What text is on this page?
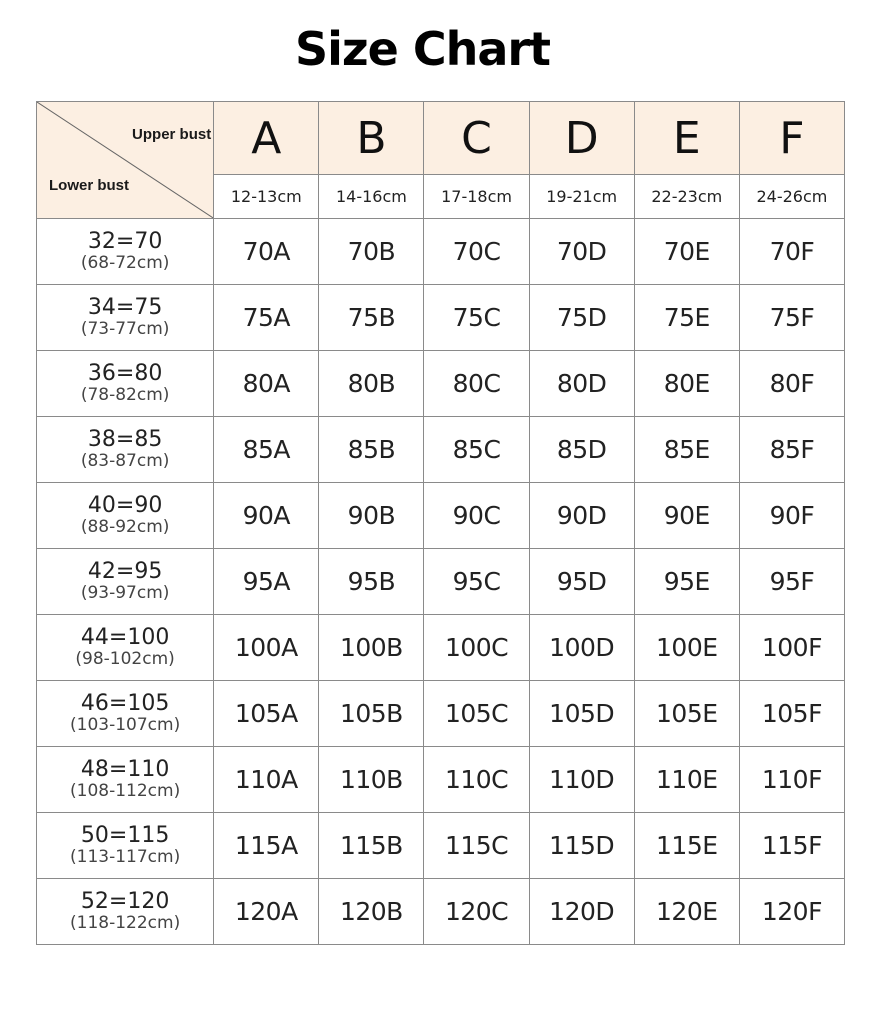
Size Chart
Upper bust
Lower bust	A	B	C	D	E	F
	12-13cm	14-16cm	17-18cm	19-21cm	22-23cm	24-26cm

32=70
(68-72cm)	70A	70B	70C	70D	70E	70F

34=75
(73-77cm)	75A	75B	75C	75D	75E	75F

36=80
(78-82cm)	80A	80B	80C	80D	80E	80F

38=85
(83-87cm)	85A	85B	85C	85D	85E	85F

40=90
(88-92cm)	90A	90B	90C	90D	90E	90F

42=95
(93-97cm)	95A	95B	95C	95D	95E	95F

44=100
(98-102cm)	100A	100B	100C	100D	100E	100F

46=105
(103-107cm)	105A	105B	105C	105D	105E	105F

48=110
(108-112cm)	110A	110B	110C	110D	110E	110F

50=115
(113-117cm)	115A	115B	115C	115D	115E	115F

52=120
(118-122cm)	120A	120B	120C	120D	120E	120F
